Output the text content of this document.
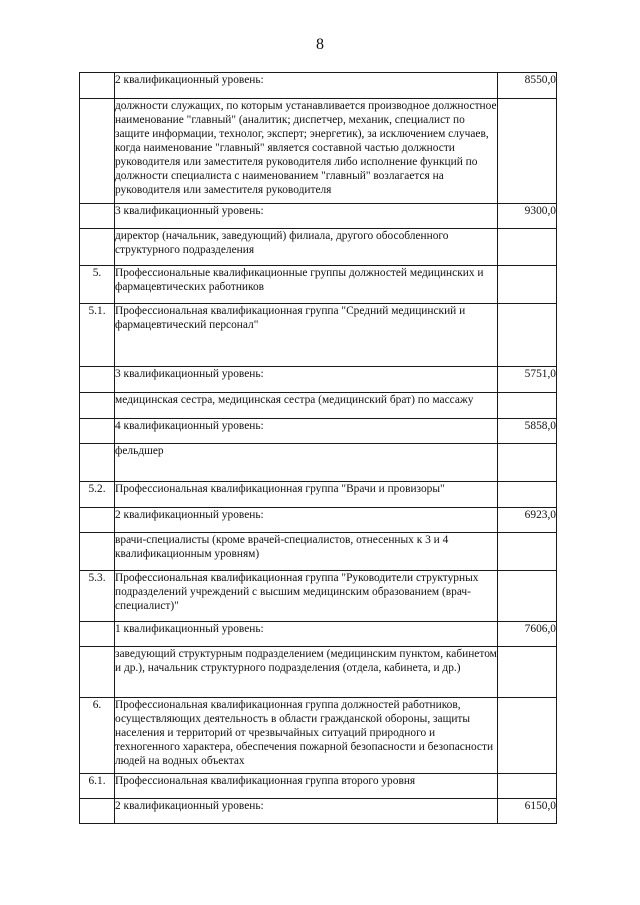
8
	2 квалификационный уровень:	8550,0
	должности служащих, по которым устанавливается производное должностное наименование "главный" (аналитик; диспетчер, механик, специалист по защите информации, технолог, эксперт; энергетик), за исключением случаев, когда наименование "главный" является составной частью должности руководителя или заместителя руководителя либо исполнение функций по должности специалиста с наименованием "главный" возлагается на руководителя или заместителя руководителя	
	3 квалификационный уровень:	9300,0
	директор (начальник, заведующий) филиала, другого обособленного структурного подразделения	
5.	Профессиональные квалификационные группы должностей медицинских и фармацевтических работников	
5.1.	Профессиональная квалификационная группа "Средний медицинский и фармацевтический персонал"	
	3 квалификационный уровень:	5751,0
	медицинская сестра, медицинская сестра (медицинский брат) по массажу	
	4 квалификационный уровень:	5858,0
	фельдшер	
5.2.	Профессиональная квалификационная группа "Врачи и провизоры"	
	2 квалификационный уровень:	6923,0
	врачи-специалисты (кроме врачей-специалистов, отнесенных к 3 и 4 квалификационным уровням)	
5.3.	Профессиональная квалификационная группа "Руководители структурных подразделений учреждений с высшим медицинским образованием (врач-специалист)"	
	1 квалификационный уровень:	7606,0
	заведующий структурным подразделением (медицинским пунктом, кабинетом и др.), начальник структурного подразделения (отдела, кабинета, и др.)	
6.	Профессиональная квалификационная группа должностей работников, осуществляющих деятельность в области гражданской обороны, защиты населения и территорий от чрезвычайных ситуаций природного и техногенного характера, обеспечения пожарной безопасности и безопасности людей на водных объектах	
6.1.	Профессиональная квалификационная группа второго уровня	
	2 квалификационный уровень:	6150,0
